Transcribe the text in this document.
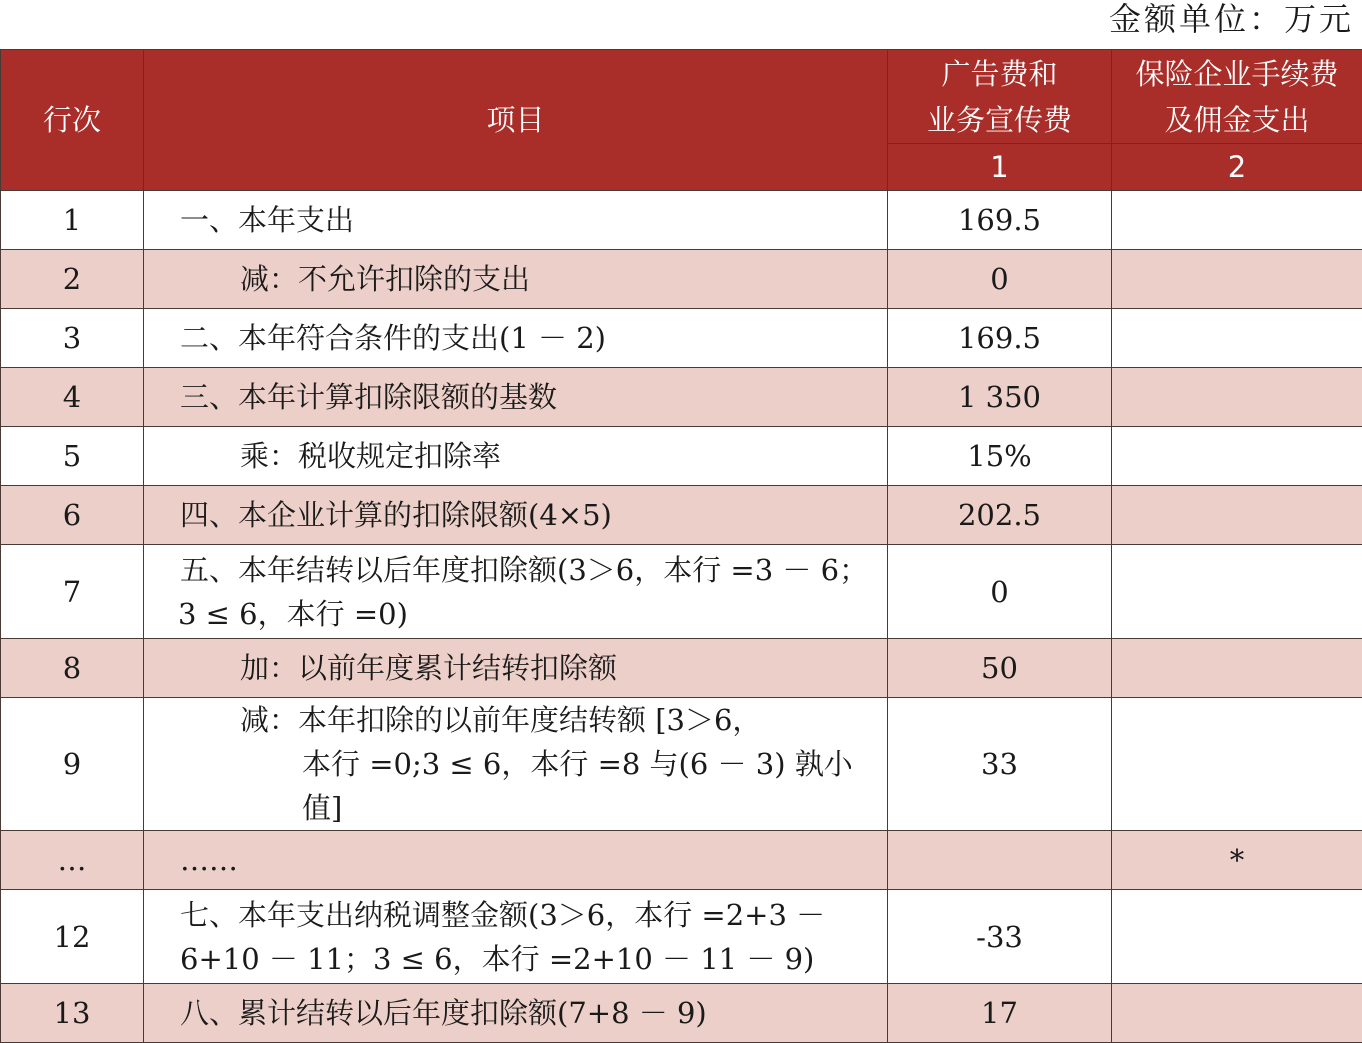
金额单位：万元
行次	项目	广告费和
业务宣传费	保险企业手续费
及佣金支出

		1	2
1	一、本年支出	169.5	
2	减：不允许扣除的支出	0	
3	二、本年符合条件的支出(1 － 2)	169.5	
4	三、本年计算扣除限额的基数	1 350	
5	乘：税收规定扣除率	15%	
6	四、本企业计算的扣除限额(4×5)	202.5	
7	五、本年结转以后年度扣除额(3＞6，本行 =3 － 6；
3 ≤ 6，本行 =0)	0	
8	加：以前年度累计结转扣除额	50	
9	减：本年扣除的以前年度结转额 [3＞6，
本行 =0;3 ≤ 6，本行 =8 与(6 － 3) 孰小值]	33	
…	……		*
12	七、本年支出纳税调整金额(3＞6，本行 =2+3 －
6+10 － 11；3 ≤ 6，本行 =2+10 － 11 － 9)	-33	
13	八、累计结转以后年度扣除额(7+8 － 9)	17	
